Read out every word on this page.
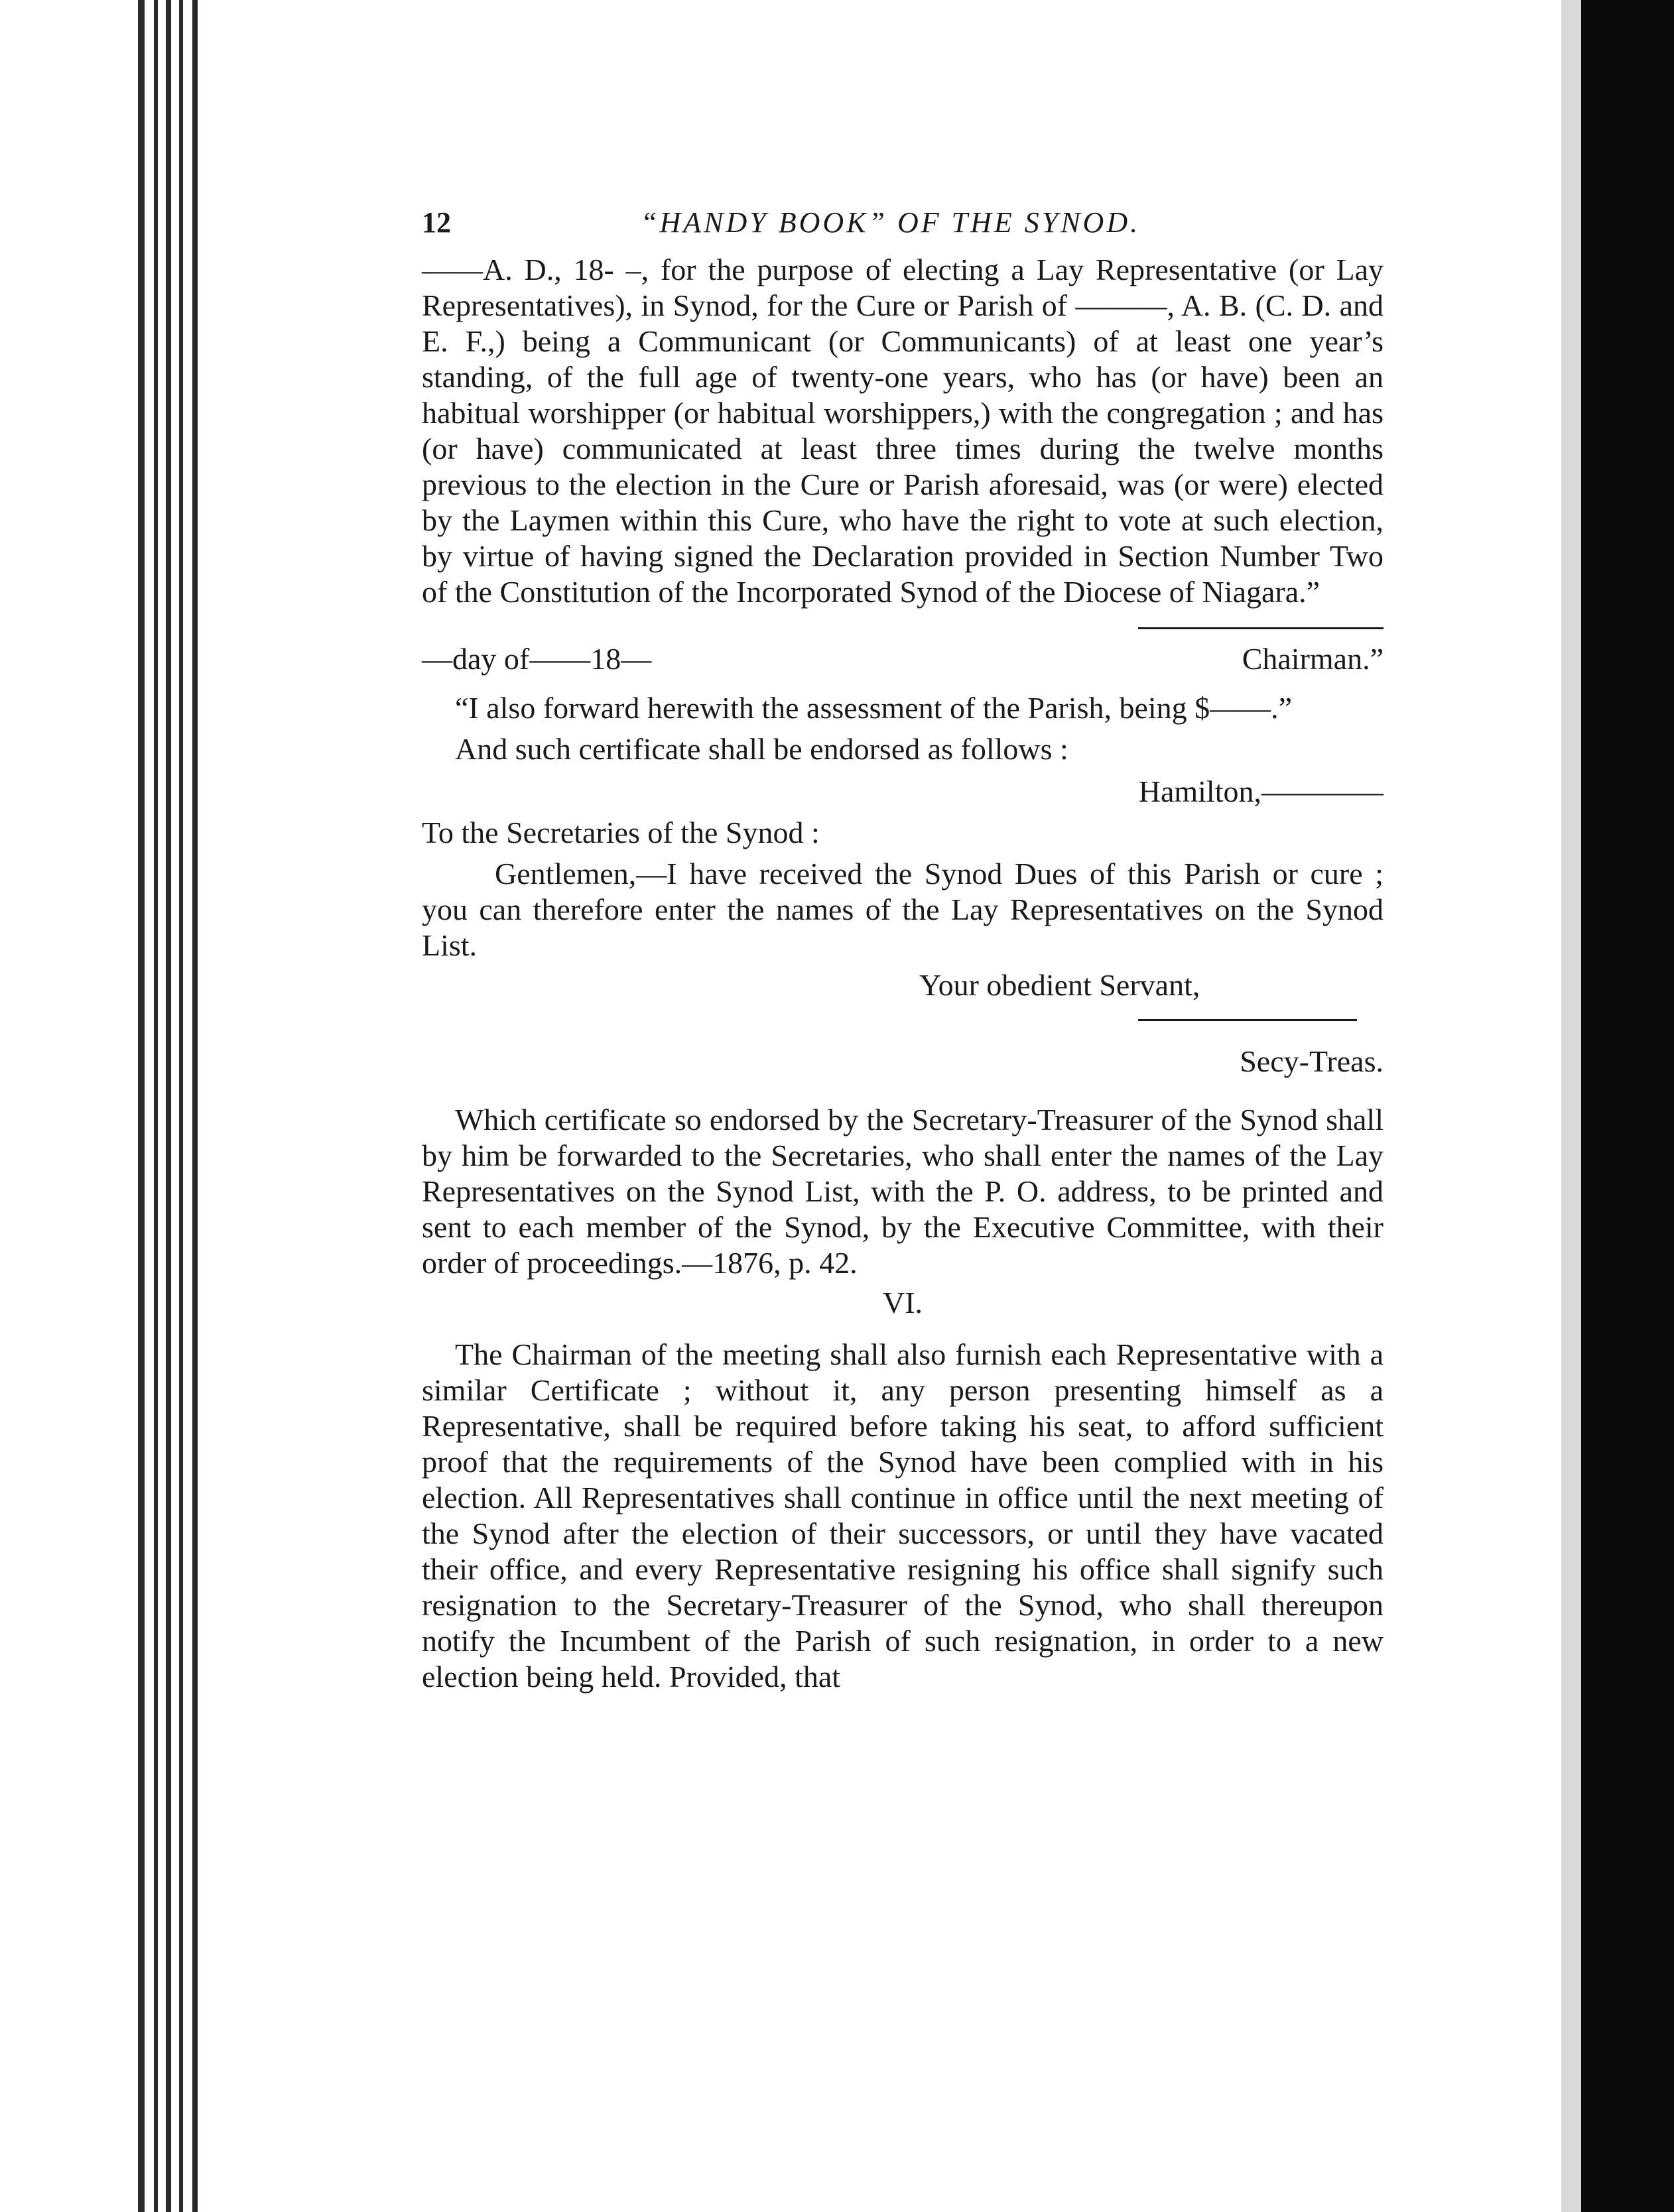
12	“HANDY BOOK” OF THE SYNOD.

——A. D., 18- –, for the purpose of electing a Lay Representative (or Lay Representatives), in Synod, for the Cure or Parish of ———, A. B. (C. D. and E. F.,) being a Communicant (or Communicants) of at least one year’s standing, of the full age of twenty-one years, who has (or have) been an habitual worshipper (or habitual worshippers,) with the congregation ; and has (or have) communicated at least three times during the twelve months previous to the election in the Cure or Parish aforesaid, was (or were) elected by the Laymen within this Cure, who have the right to vote at such election, by virtue of having signed the Declaration provided in Section Number Two of the Constitution of the Incorporated Synod of the Diocese of Niagara.”

—day of——18—	Chairman.”

“I also forward herewith the assessment of the Parish, being $——.”

And such certificate shall be endorsed as follows :

Hamilton,————

To the Secretaries of the Synod :

Gentlemen,—I have received the Synod Dues of this Parish or cure ; you can therefore enter the names of the Lay Representatives on the Synod List.

Your obedient Servant,

Secy-Treas.

Which certificate so endorsed by the Secretary-Treasurer of the Synod shall by him be forwarded to the Secretaries, who shall enter the names of the Lay Representatives on the Synod List, with the P. O. address, to be printed and sent to each member of the Synod, by the Executive Committee, with their order of proceedings.—1876, p. 42.

VI.

The Chairman of the meeting shall also furnish each Representative with a similar Certificate ; without it, any person presenting himself as a Representative, shall be required before taking his seat, to afford sufficient proof that the requirements of the Synod have been complied with in his election. All Representatives shall continue in office until the next meeting of the Synod after the election of their successors, or until they have vacated their office, and every Representative resigning his office shall signify such resignation to the Secretary-Treasurer of the Synod, who shall thereupon notify the Incumbent of the Parish of such resignation, in order to a new election being held. Provided, that
